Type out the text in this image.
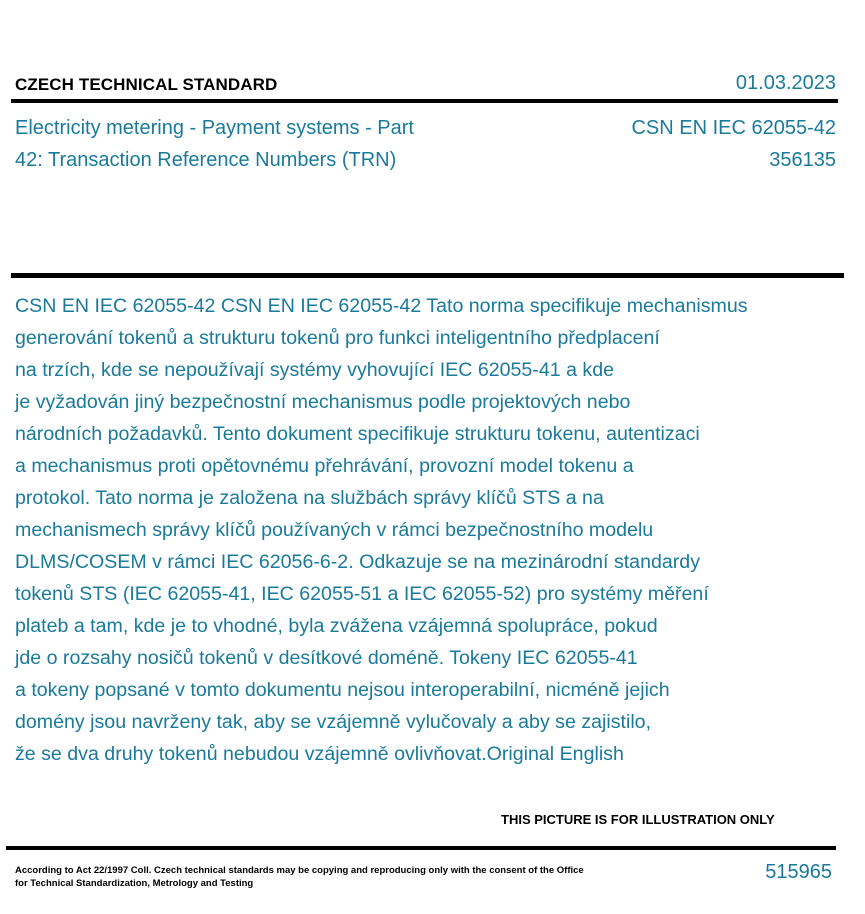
CZECH TECHNICAL STANDARD	01.03.2023
Electricity metering - Payment systems - Part
42: Transaction Reference Numbers (TRN)
CSN EN IEC 62055-42
356135

CSN EN IEC 62055-42 CSN EN IEC 62055-42 Tato norma specifikuje mechanismus
generování tokenů a strukturu tokenů pro funkci inteligentního předplacení
na trzích, kde se nepoužívají systémy vyhovující IEC 62055-41 a kde
je vyžadován jiný bezpečnostní mechanismus podle projektových nebo
národních požadavků. Tento dokument specifikuje strukturu tokenu, autentizaci
a mechanismus proti opětovnému přehrávání, provozní model tokenu a
protokol. Tato norma je založena na službách správy klíčů STS a na
mechanismech správy klíčů používaných v rámci bezpečnostního modelu
DLMS/COSEM v rámci IEC 62056-6-2. Odkazuje se na mezinárodní standardy
tokenů STS (IEC 62055-41, IEC 62055-51 a IEC 62055-52) pro systémy měření
plateb a tam, kde je to vhodné, byla zvážena vzájemná spolupráce, pokud
jde o rozsahy nosičů tokenů v desítkové doméně. Tokeny IEC 62055-41
a tokeny popsané v tomto dokumentu nejsou interoperabilní, nicméně jejich
domény jsou navrženy tak, aby se vzájemně vylučovaly a aby se zajistilo,
že se dva druhy tokenů nebudou vzájemně ovlivňovat.Original English

THIS PICTURE IS FOR ILLUSTRATION ONLY
According to Act 22/1997 Coll. Czech technical standards may be copying and reproducing only with the consent of the Office
for Technical Standardization, Metrology and Testing
515965
